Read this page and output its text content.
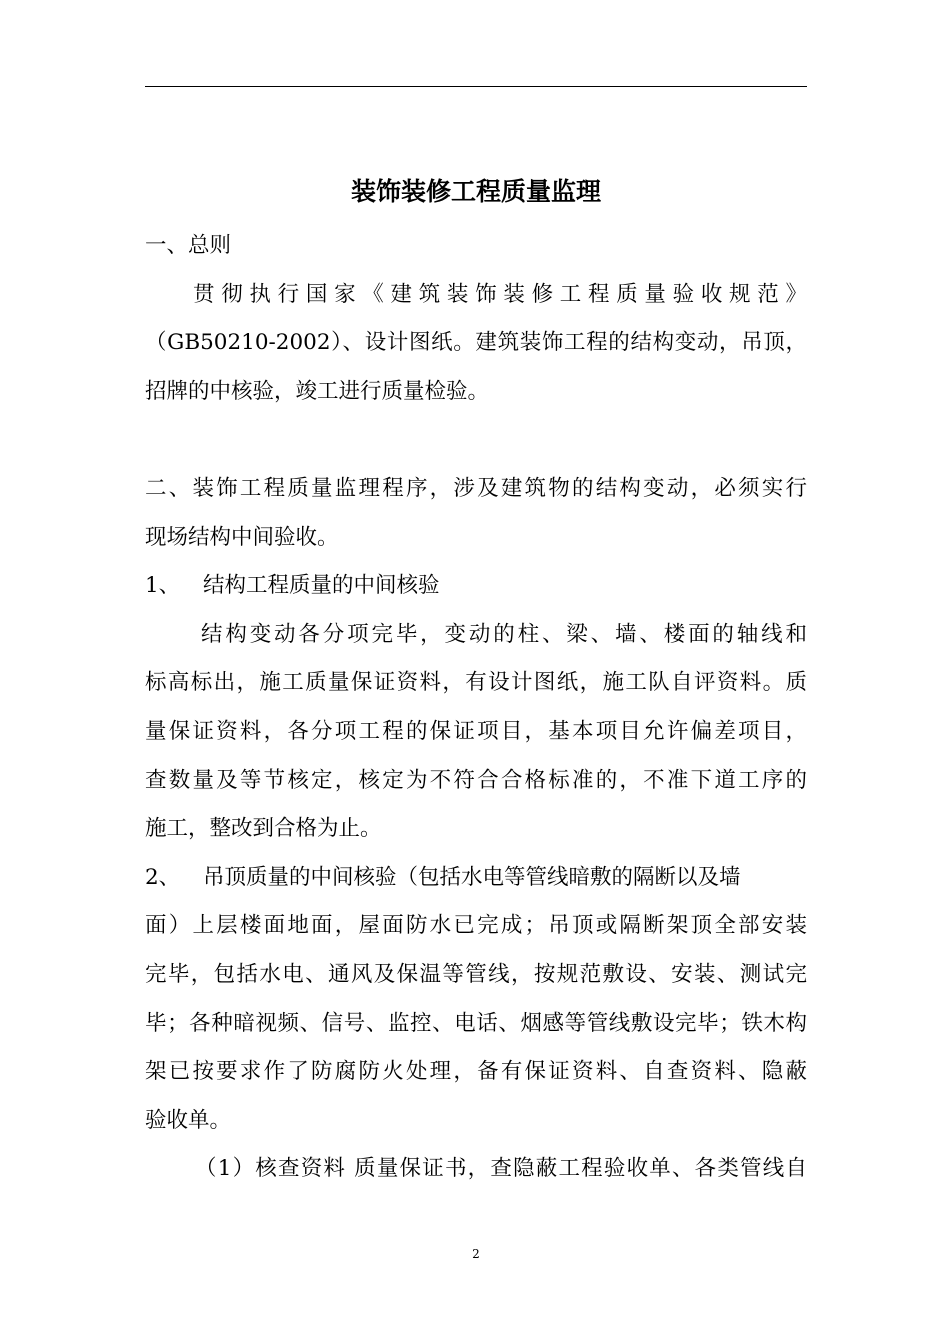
装饰装修工程质量监理
一、总则
贯彻执行国家《建筑装饰装修工程质量验收规范》
（GB50210-2002）、设计图纸。建筑装饰工程的结构变动，吊顶，
招牌的中核验，竣工进行质量检验。
二、装饰工程质量监理程序，涉及建筑物的结构变动，必须实行
现场结构中间验收。
1、 结构工程质量的中间核验
结构变动各分项完毕，变动的柱、梁、墙、楼面的轴线和
标高标出，施工质量保证资料，有设计图纸，施工队自评资料。质
量保证资料，各分项工程的保证项目，基本项目允许偏差项目，
查数量及等节核定，核定为不符合合格标准的，不准下道工序的
施工，整改到合格为止。
2、 吊顶质量的中间核验（包括水电等管线暗敷的隔断以及墙
面）上层楼面地面，屋面防水已完成；吊顶或隔断架顶全部安装
完毕，包括水电、通风及保温等管线，按规范敷设、安装、测试完
毕；各种暗视频、信号、监控、电话、烟感等管线敷设完毕；铁木构
架已按要求作了防腐防火处理，备有保证资料、自查资料、隐蔽
验收单。
（1）核查资料 质量保证书，查隐蔽工程验收单、各类管线自
2
